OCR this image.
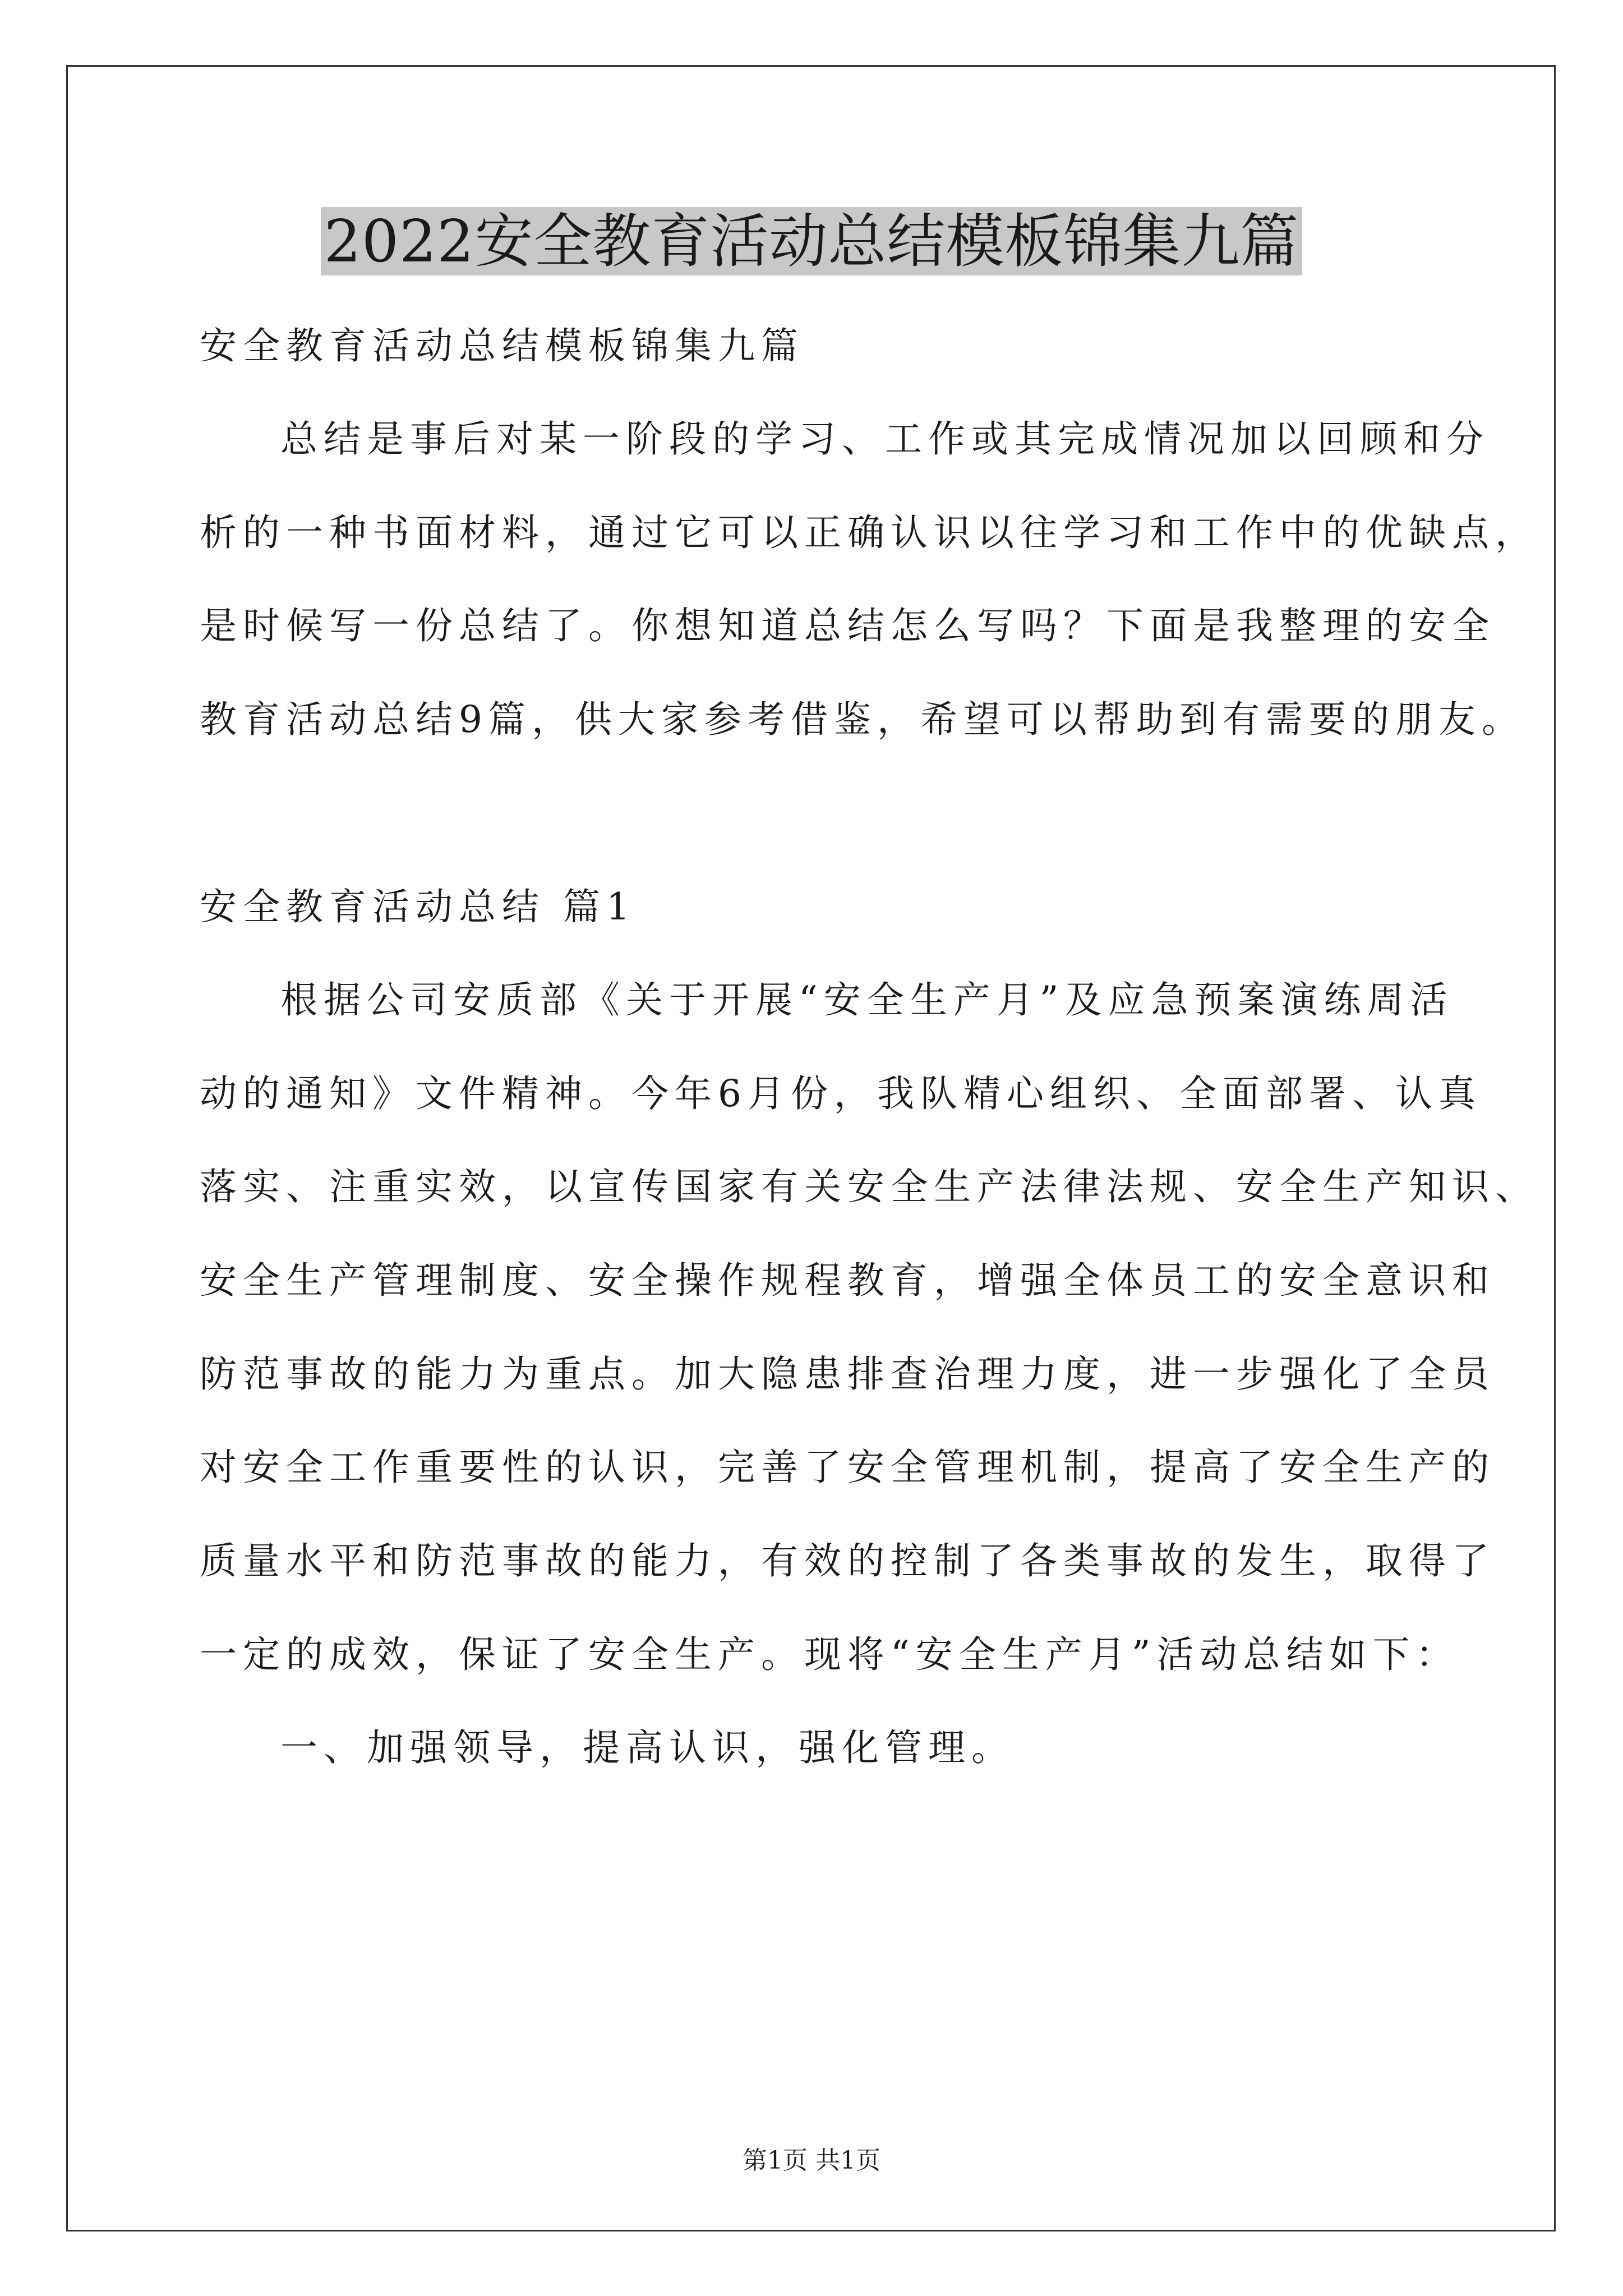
2022安全教育活动总结模板锦集九篇
安全教育活动总结模板锦集九篇
总结是事后对某一阶段的学习、工作或其完成情况加以回顾和分
析的一种书面材料，通过它可以正确认识以往学习和工作中的优缺点，
是时候写一份总结了。你想知道总结怎么写吗？下面是我整理的安全
教育活动总结9篇，供大家参考借鉴，希望可以帮助到有需要的朋友。
安全教育活动总结 篇1
根据公司安质部《关于开展“安全生产月”及应急预案演练周活
动的通知》文件精神。今年6月份，我队精心组织、全面部署、认真
落实、注重实效，以宣传国家有关安全生产法律法规、安全生产知识、
安全生产管理制度、安全操作规程教育，增强全体员工的安全意识和
防范事故的能力为重点。加大隐患排查治理力度，进一步强化了全员
对安全工作重要性的认识，完善了安全管理机制，提高了安全生产的
质量水平和防范事故的能力，有效的控制了各类事故的发生，取得了
一定的成效，保证了安全生产。现将“安全生产月”活动总结如下：
一、加强领导，提高认识，强化管理。
第1页 共1页
